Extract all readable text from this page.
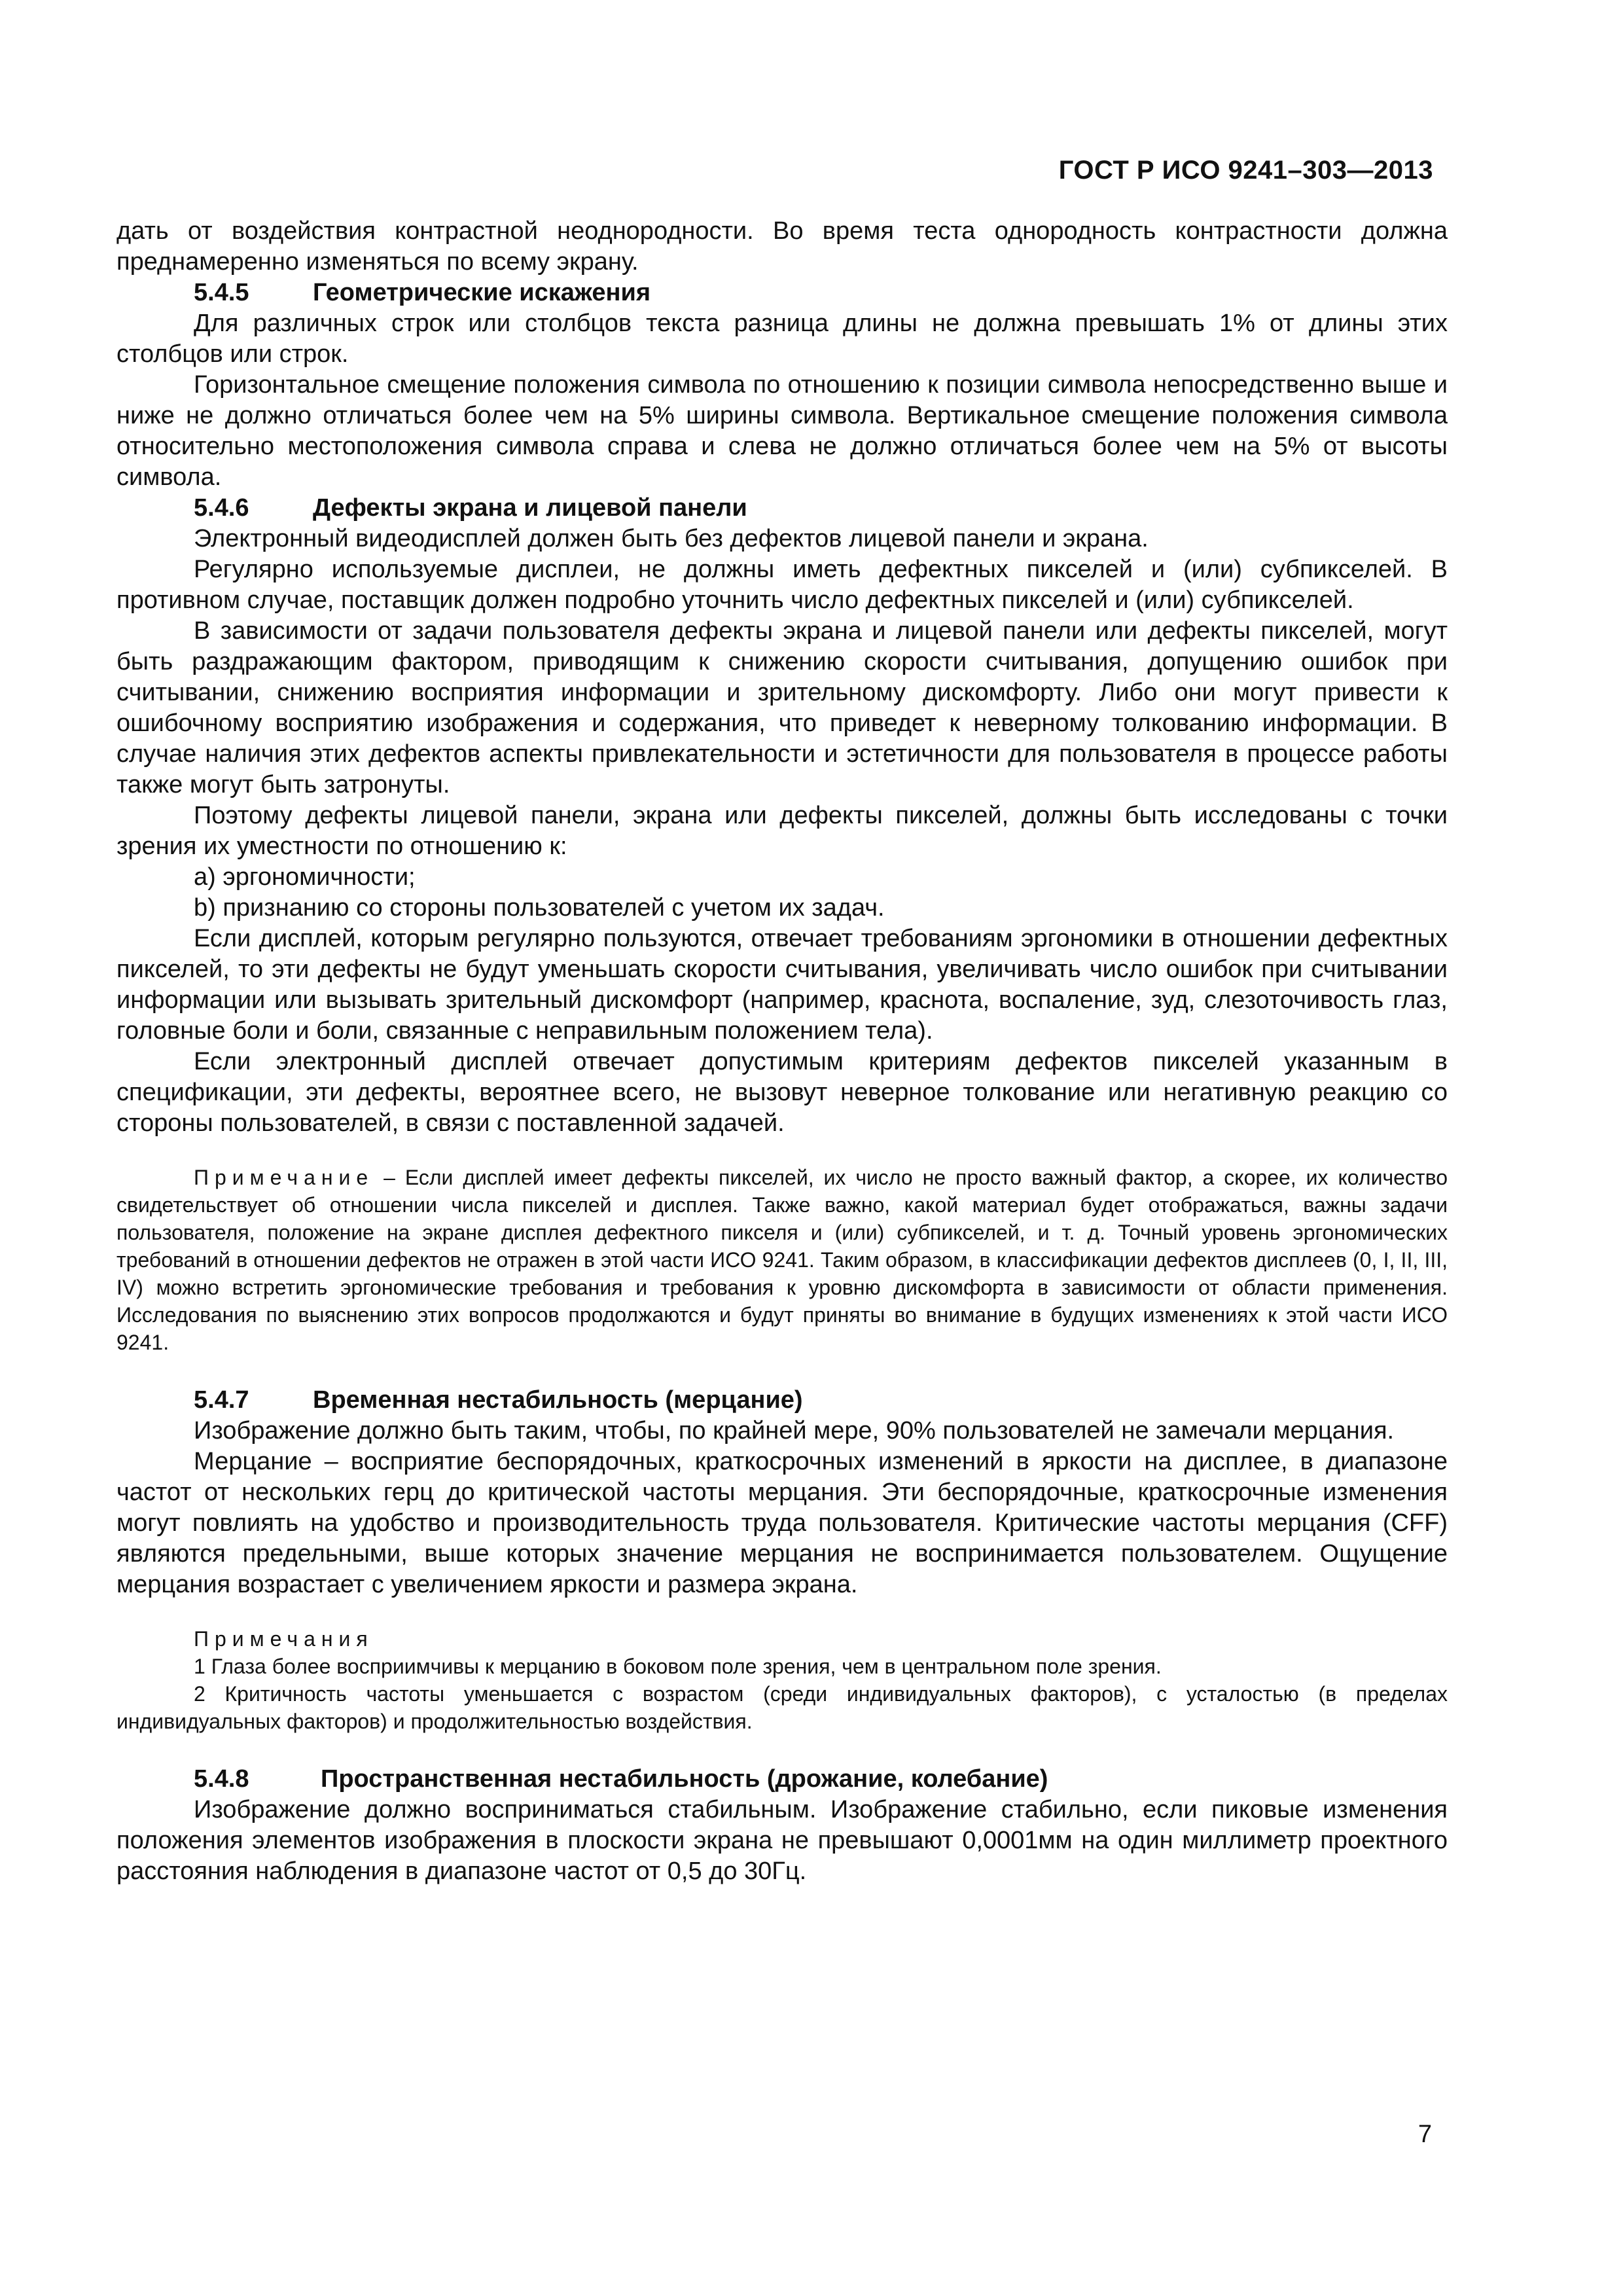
ГОСТ Р ИСО 9241–303—2013

дать от воздействия контрастной неоднородности. Во время теста однородность контрастности должна преднамеренно изменяться по всему экрану.

5.4.5	Геометрические искажения

Для различных строк или столбцов текста разница длины не должна превышать 1% от длины этих столбцов или строк.

Горизонтальное смещение положения символа по отношению к позиции символа непосредственно выше и ниже не должно отличаться более чем на 5% ширины символа. Вертикальное смещение положения символа относительно местоположения символа справа и слева не должно отличаться более чем на 5% от высоты символа.

5.4.6	Дефекты экрана и лицевой панели

Электронный видеодисплей должен быть без дефектов лицевой панели и экрана.

Регулярно используемые дисплеи, не должны иметь дефектных пикселей и (или) субпикселей. В противном случае, поставщик должен подробно уточнить число дефектных пикселей и (или) субпикселей.

В зависимости от задачи пользователя дефекты экрана и лицевой панели или дефекты пикселей, могут быть раздражающим фактором, приводящим к снижению скорости считывания, допущению ошибок при считывании, снижению восприятия информации и зрительному дискомфорту. Либо они могут привести к ошибочному восприятию изображения и содержания, что приведет к неверному толкованию информации. В случае наличия этих дефектов аспекты привлекательности и эстетичности для пользователя в процессе работы также могут быть затронуты.

Поэтому дефекты лицевой панели, экрана или дефекты пикселей, должны быть исследованы с точки зрения их уместности по отношению к:

a) эргономичности;

b) признанию со стороны пользователей с учетом их задач.

Если дисплей, которым регулярно пользуются, отвечает требованиям эргономики в отношении дефектных пикселей, то эти дефекты не будут уменьшать скорости считывания, увеличивать число ошибок при считывании информации или вызывать зрительный дискомфорт (например, краснота, воспаление, зуд, слезоточивость глаз, головные боли и боли, связанные с неправильным положением тела).

Если электронный дисплей отвечает допустимым критериям дефектов пикселей указанным в спецификации, эти дефекты, вероятнее всего, не вызовут неверное толкование или негативную реакцию со стороны пользователей, в связи с поставленной задачей.

Примечание – Если дисплей имеет дефекты пикселей, их число не просто важный фактор, а скорее, их количество свидетельствует об отношении числа пикселей и дисплея. Также важно, какой материал будет отображаться, важны задачи пользователя, положение на экране дисплея дефектного пикселя и (или) субпикселей, и т. д. Точный уровень эргономических требований в отношении дефектов не отражен в этой части ИСО 9241. Таким образом, в классификации дефектов дисплеев (0, I, II, III, IV) можно встретить эргономические требования и требования к уровню дискомфорта в зависимости от области применения. Исследования по выяснению этих вопросов продолжаются и будут приняты во внимание в будущих изменениях к этой части ИСО 9241.

5.4.7	Временная нестабильность (мерцание)

Изображение должно быть таким, чтобы, по крайней мере, 90% пользователей не замечали мерцания.

Мерцание – восприятие беспорядочных, краткосрочных изменений в яркости на дисплее, в диапазоне частот от нескольких герц до критической частоты мерцания. Эти беспорядочные, краткосрочные изменения могут повлиять на удобство и производительность труда пользователя. Критические частоты мерцания (CFF) являются предельными, выше которых значение мерцания не воспринимается пользователем. Ощущение мерцания возрастает с увеличением яркости и размера экрана.

Примечания

1 Глаза более восприимчивы к мерцанию в боковом поле зрения, чем в центральном поле зрения.

2 Критичность частоты уменьшается с возрастом (среди индивидуальных факторов), с усталостью (в пределах индивидуальных факторов) и продолжительностью воздействия.

5.4.8	Пространственная нестабильность (дрожание, колебание)

Изображение должно восприниматься стабильным. Изображение стабильно, если пиковые изменения положения элементов изображения в плоскости экрана не превышают 0,0001мм на один миллиметр проектного расстояния наблюдения в диапазоне частот от 0,5 до 30Гц.

7
